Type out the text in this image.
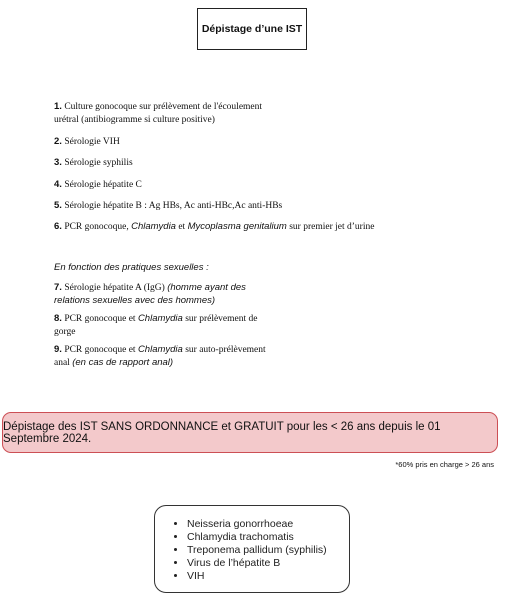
Dépistage d’une IST
1. Culture gonocoque sur prélèvement de l'écoulement urétral (antibiogramme si culture positive)
2. Sérologie VIH
3. Sérologie syphilis
4. Sérologie hépatite C
5. Sérologie hépatite B : Ag HBs, Ac anti-HBc,Ac anti-HBs
6. PCR gonocoque, Chlamydia et Mycoplasma genitalium sur premier jet d’urine
En fonction des pratiques sexuelles :
7. Sérologie hépatite A (IgG) (homme ayant des relations sexuelles avec des hommes)
8. PCR gonocoque et Chlamydia sur prélèvement de gorge
9. PCR gonocoque et Chlamydia sur auto-prélèvement anal (en cas de rapport anal)
Dépistage des IST SANS ORDONNANCE et GRATUIT pour les < 26 ans depuis le 01 Septembre 2024.
*60% pris en charge > 26 ans
• Neisseria gonorrhoeae
• Chlamydia trachomatis
• Treponema pallidum (syphilis)
• Virus de l’hépatite B
• VIH
